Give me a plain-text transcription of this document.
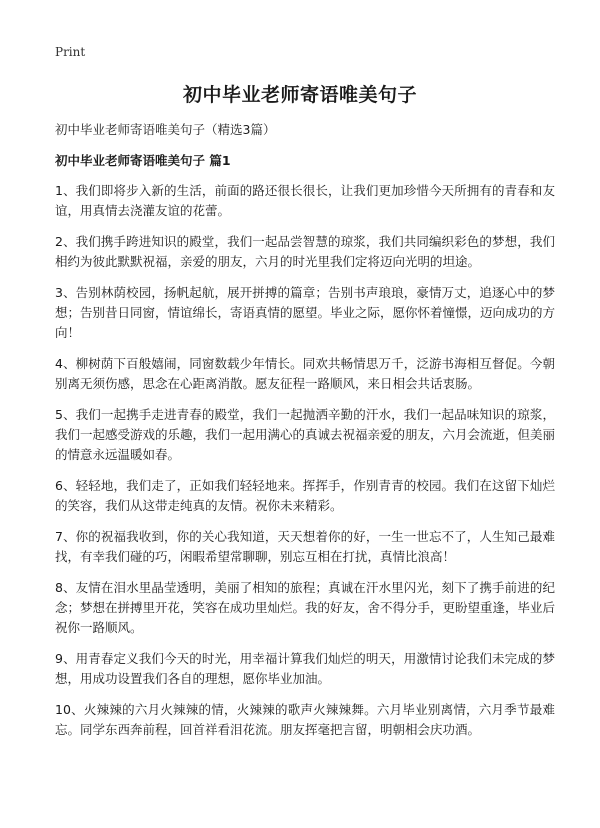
Print
初中毕业老师寄语唯美句子

初中毕业老师寄语唯美句子（精选3篇）

初中毕业老师寄语唯美句子 篇1

1、我们即将步入新的生活，前面的路还很长很长，让我们更加珍惜今天所拥有的青春和友谊，用真情去浇灌友谊的花蕾。

2、我们携手跨进知识的殿堂，我们一起品尝智慧的琼浆，我们共同编织彩色的梦想，我们相约为彼此默默祝福，亲爱的朋友，六月的时光里我们定将迈向光明的坦途。

3、告别林荫校园，扬帆起航，展开拼搏的篇章；告别书声琅琅，豪情万丈，追逐心中的梦想；告别昔日同窗，情谊绵长，寄语真情的愿望。毕业之际，愿你怀着憧憬，迈向成功的方向！

4、柳树荫下百般嬉闹，同窗数载少年情长。同欢共畅情思万千，泛游书海相互督促。今朝别离无须伤感，思念在心距离消散。愿友征程一路顺风，来日相会共话衷肠。

5、我们一起携手走进青春的殿堂，我们一起抛洒辛勤的汗水，我们一起品味知识的琼浆，我们一起感受游戏的乐趣，我们一起用满心的真诚去祝福亲爱的朋友，六月会流逝，但美丽的情意永远温暖如春。

6、轻轻地，我们走了，正如我们轻轻地来。挥挥手，作别青青的校园。我们在这留下灿烂的笑容，我们从这带走纯真的友情。祝你未来精彩。

7、你的祝福我收到，你的关心我知道，天天想着你的好，一生一世忘不了，人生知己最难找，有幸我们碰的巧，闲暇希望常聊聊，别忘互相在打扰，真情比浪高！

8、友情在泪水里晶莹透明，美丽了相知的旅程；真诚在汗水里闪光，刻下了携手前进的纪念；梦想在拼搏里开花，笑容在成功里灿烂。我的好友，舍不得分手，更盼望重逢，毕业后祝你一路顺风。

9、用青春定义我们今天的时光，用幸福计算我们灿烂的明天，用激情讨论我们未完成的梦想，用成功设置我们各自的理想，愿你毕业加油。

10、火辣辣的六月火辣辣的情，火辣辣的歌声火辣辣舞。六月毕业别离情，六月季节最难忘。同学东西奔前程，回首祥看泪花流。朋友挥毫把言留，明朝相会庆功酒。
